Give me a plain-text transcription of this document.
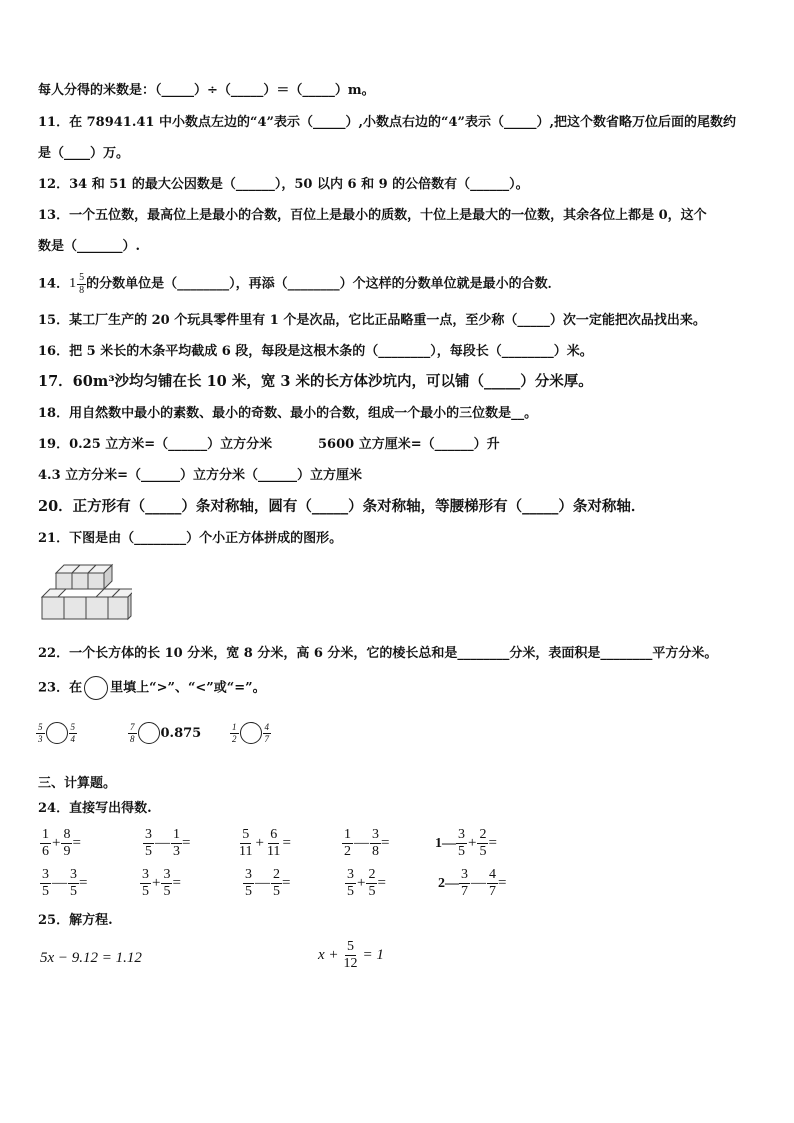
每人分得的米数是：（_____）÷（_____）＝（_____）m。
11．在 78941.41 中小数点左边的“4”表示（_____）,小数点右边的“4”表示（_____）,把这个数省略万位后面的尾数约
是（____）万。
12．34 和 51 的最大公因数是（______），50 以内 6 和 9 的公倍数有（______）。
13．一个五位数，最高位上是最小的合数，百位上是最小的质数，十位上是最大的一位数，其余各位上都是 0，这个
数是（_______）.
14． $1 \frac{5}{8}$ 的分数单位是（________），再添（________）个这样的分数单位就是最小的合数．
15．某工厂生产的 20 个玩具零件里有 1 个是次品，它比正品略重一点，至少称（_____）次一定能把次品找出来。
16．把 5 米长的木条平均截成 6 段，每段是这根木条的（________），每段长（________）米。
17．60m³沙均匀铺在长 10 米，宽 3 米的长方体沙坑内，可以铺（_____）分米厚。
18．用自然数中最小的素数、最小的奇数、最小的合数，组成一个最小的三位数是__。
19．0.25 立方米=（______）立方分米	5600 立方厘米=（______）升
4.3 立方分米=（______）立方分米（______）立方厘米
20．正方形有（_____）条对称轴，圆有（_____）条对称轴，等腰梯形有（_____）条对称轴．
21．下图是由（________）个小正方体拼成的图形。
22．一个长方体的长 10 分米，宽 8 分米，高 6 分米，它的棱长总和是________分米，表面积是________平方分米。
23．在 里填上“>”、“<”或“=”。
$\frac{5}{3}$	$\frac{5}{4}$	$\frac{7}{8} 0.875$	$\frac{1}{2}$	$\frac{4}{7}$
三、计算题。
24．直接写出得数.
$\frac{1}{6} + \frac{8}{9}$ =	$\frac{3}{5}$ — $\frac{1}{3}$ =	$\frac{5}{11} + \frac{6}{11}$ =	$\frac{1}{2}$ — $\frac{3}{8}$ =	1— $\frac{3}{5} + \frac{2}{5}$ =
$\frac{3}{5}$ — $\frac{3}{5}$ =	$\frac{3}{5} + \frac{3}{5}$ =	$\frac{3}{5}$ — $\frac{2}{5}$ =	$\frac{3}{5} + \frac{2}{5}$ =	2— $\frac{3}{7}$ — $\frac{4}{7}$ =
25．解方程.
5x − 9.12 = 1.12	$x + \frac{5}{12} = 1$
